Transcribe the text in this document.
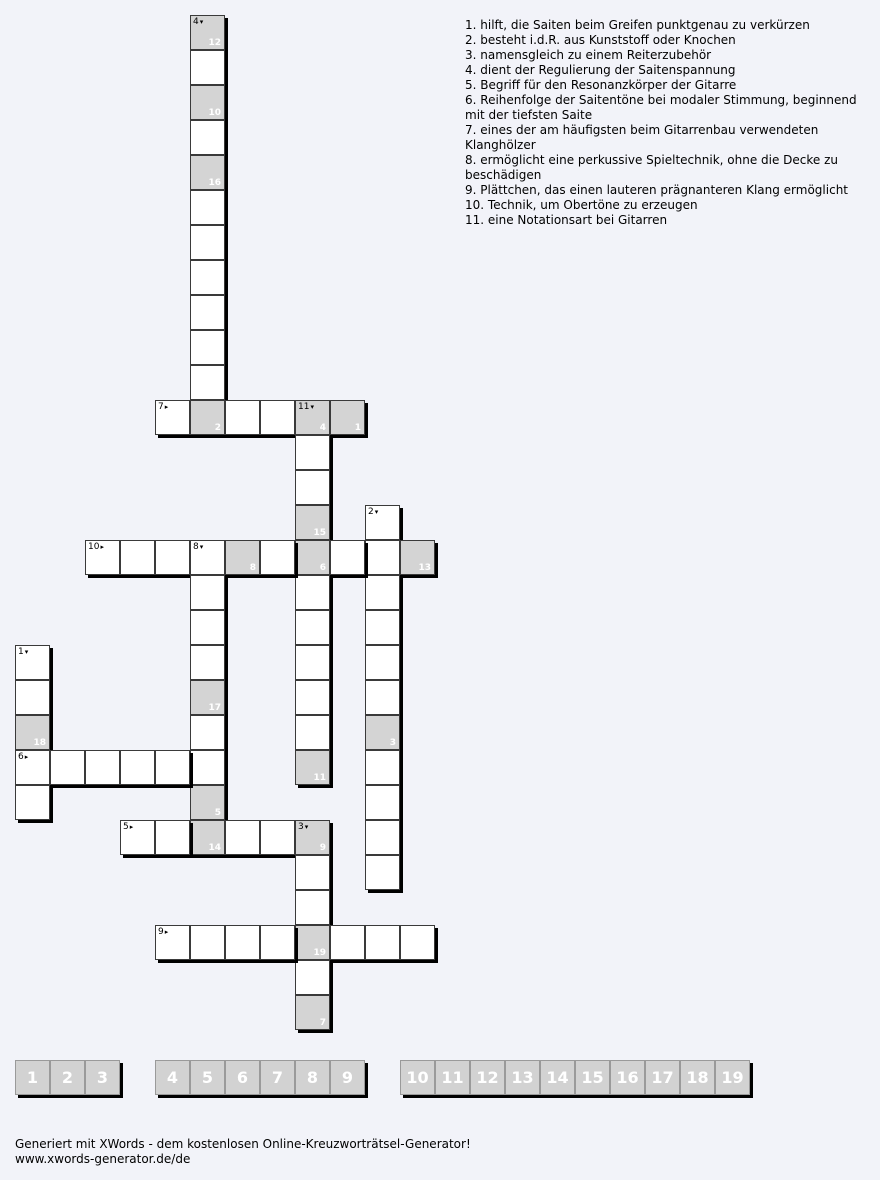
4 ▾
12
10
16
7 ▸
2
11 ▾
4	1
15
6
11
2 ▾
3
10 ▸	8 ▾
8	13
17
5
14
1 ▾
18
6 ▸
5 ▸	3 ▾
9
19
7
9 ▸
1. hilft, die Saiten beim Greifen punktgenau zu verkürzen
2. besteht i.d.R. aus Kunststoff oder Knochen
3. namensgleich zu einem Reiterzubehör
4. dient der Regulierung der Saitenspannung
5. Begriff für den Resonanzkörper der Gitarre
6. Reihenfolge der Saitentöne bei modaler Stimmung, beginnend mit der tiefsten Saite
7. eines der am häufigsten beim Gitarrenbau verwendeten Klanghölzer
8. ermöglicht eine perkussive Spieltechnik, ohne die Decke zu beschädigen
9. Plättchen, das einen lauteren prägnanteren Klang ermöglicht
10. Technik, um Obertöne zu erzeugen
11. eine Notationsart bei Gitarren
1	2	3	4	5	6	7	8	9	10 11 12 13 14 15 16 17 18 19
Generiert mit XWords - dem kostenlosen Online-Kreuzworträtsel-Generator!
www.xwords-generator.de/de
